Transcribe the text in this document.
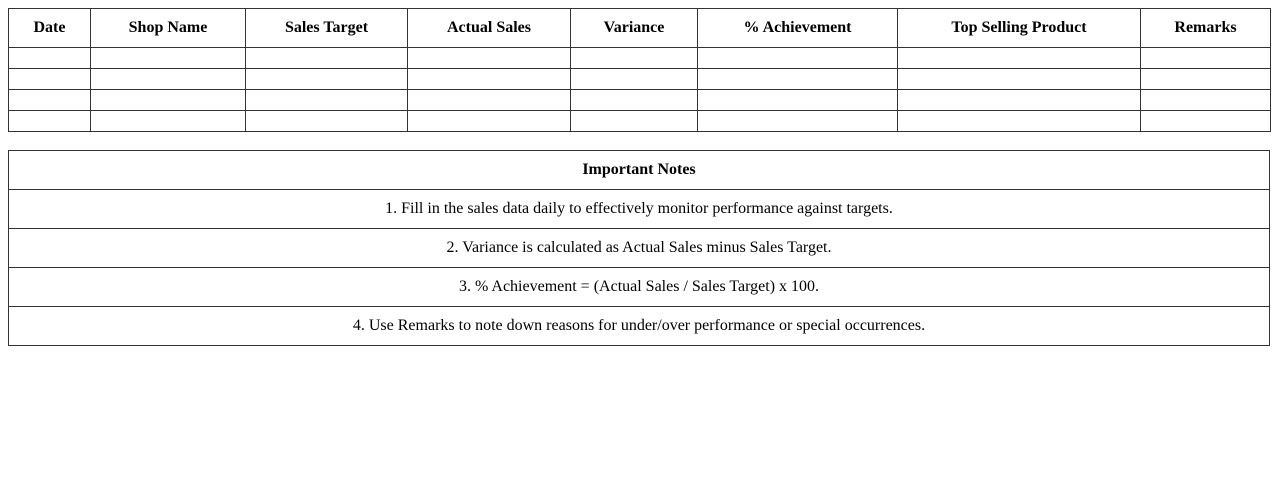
Date	Shop Name	Sales Target	Actual Sales	Variance	% Achievement	Top Selling Product	Remarks

Important Notes
1. Fill in the sales data daily to effectively monitor performance against targets.
2. Variance is calculated as Actual Sales minus Sales Target.
3. % Achievement = (Actual Sales / Sales Target) x 100.
4. Use Remarks to note down reasons for under/over performance or special occurrences.
